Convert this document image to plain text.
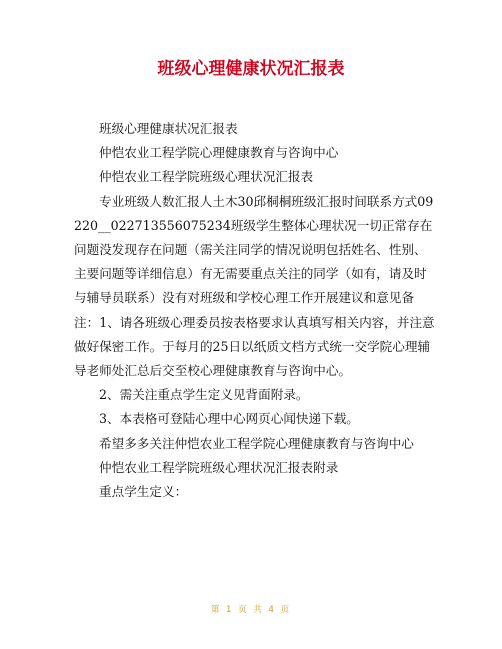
班级心理健康状况汇报表

班级心理健康状况汇报表

仲恺农业工程学院心理健康教育与咨询中心

仲恺农业工程学院班级心理状况汇报表

专业班级人数汇报人土木30邱桐桐班级汇报时间联系方式09220__022713556075234班级学生整体心理状况一切正常存在问题没发现存在问题（需关注同学的情况说明包括姓名、性别、主要问题等详细信息）有无需要重点关注的同学（如有，请及时与辅导员联系）没有对班级和学校心理工作开展建议和意见备注：1、请各班级心理委员按表格要求认真填写相关内容，并注意做好保密工作。于每月的25日以纸质文档方式统一交学院心理辅导老师处汇总后交至校心理健康教育与咨询中心。

2、需关注重点学生定义见背面附录。

3、本表格可登陆心理中心网页心闻快递下载。

希望多多关注仲恺农业工程学院心理健康教育与咨询中心

仲恺农业工程学院班级心理状况汇报表附录

重点学生定义：

第 1 页 共 4 页
